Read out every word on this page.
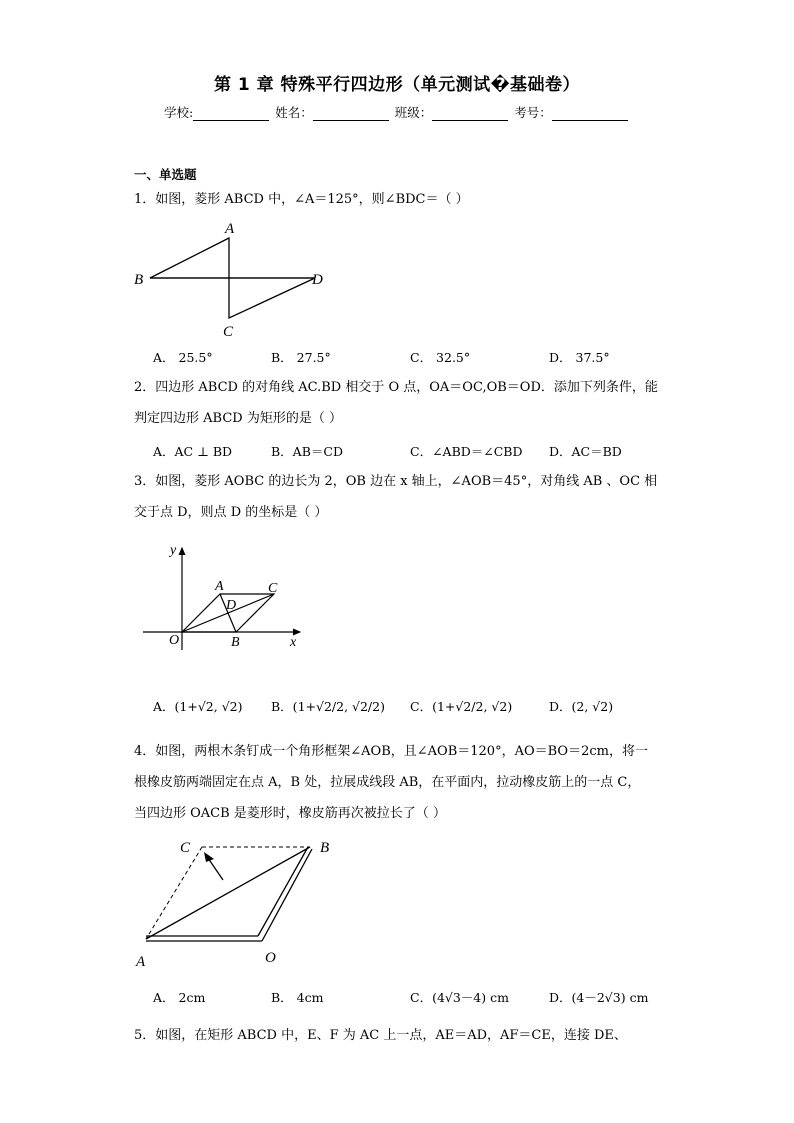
第 1 章 特殊平行四边形（单元测试�基础卷）
学校:	姓名：	班级：	考号：
一、单选题
1．如图，菱形 ABCD 中，∠A＝125°，则∠BDC＝（ ）
A
B
C
D
A． 25.5°	B． 27.5°	C． 32.5°	D． 37.5°
2．四边形 ABCD 的对角线 AC.BD 相交于 O 点，OA＝OC,OB＝OD．添加下列条件，能
判定四边形 ABCD 为矩形的是（ ）
A．AC ⊥ BD	B．AB＝CD	C．∠ABD＝∠CBD D．AC＝BD
3．如图，菱形 AOBC 的边长为 2，OB 边在 x 轴上，∠AOB＝45°，对角线 AB 、OC 相
交于点 D，则点 D 的坐标是（ ）
y
A	C
D
O	B	x
A．(1+√2, √2) B．(1+√2/2, √2/2) C．(1+√2/2, √2)	D．(2, √2)
4．如图，两根木条钉成一个角形框架∠AOB，且∠AOB＝120°，AO＝BO＝2cm，将一
根橡皮筋两端固定在点 A，B 处，拉展成线段 AB，在平面内，拉动橡皮筋上的一点 C，
当四边形 OACB 是菱形时，橡皮筋再次被拉长了（ ）
C	B
A	O
A． 2cm	B． 4cm	C．(4√3－4) cm	D．(4－2√3) cm
5．如图，在矩形 ABCD 中，E、F 为 AC 上一点，AE＝AD，AF＝CE，连接 DE、
